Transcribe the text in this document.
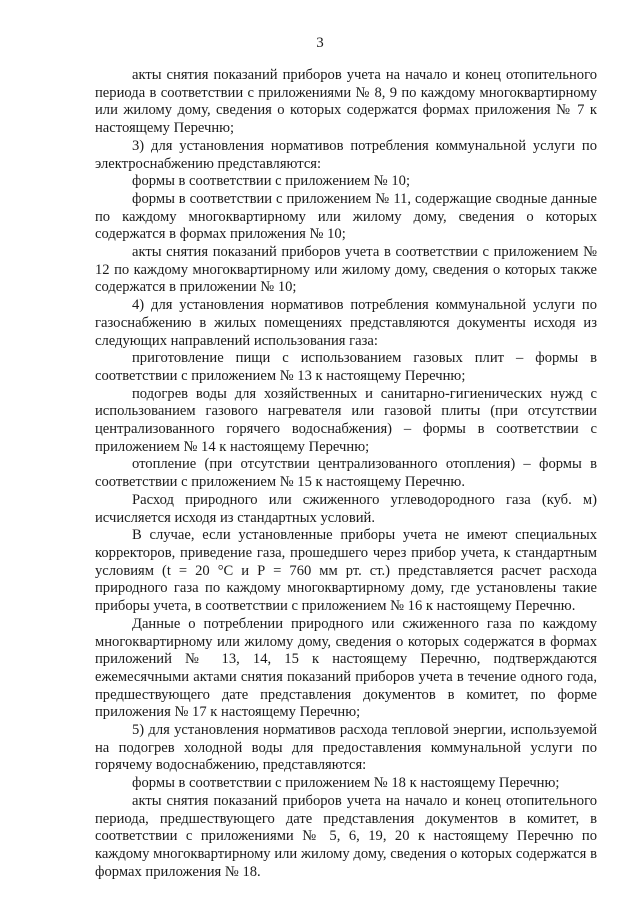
3

акты снятия показаний приборов учета на начало и конец отопительного периода в соответствии с приложениями № 8, 9 по каждому многоквартирному или жилому дому, сведения о которых содержатся формах приложения № 7 к настоящему Перечню;

3) для установления нормативов потребления коммунальной услуги по электроснабжению представляются:

формы в соответствии с приложением № 10;

формы в соответствии с приложением № 11, содержащие сводные данные по каждому многоквартирному или жилому дому, сведения о которых содержатся в формах приложения № 10;

акты снятия показаний приборов учета в соответствии с приложением № 12 по каждому многоквартирному или жилому дому, сведения о которых также содержатся в приложении № 10;

4) для установления нормативов потребления коммунальной услуги по газоснабжению в жилых помещениях представляются документы исходя из следующих направлений использования газа:

приготовление пищи с использованием газовых плит – формы в соответствии с приложением № 13 к настоящему Перечню;

подогрев воды для хозяйственных и санитарно-гигиенических нужд с использованием газового нагревателя или газовой плиты (при отсутствии централизованного горячего водоснабжения) – формы в соответствии с приложением № 14 к настоящему Перечню;

отопление (при отсутствии централизованного отопления) – формы в соответствии с приложением № 15 к настоящему Перечню.

Расход природного или сжиженного углеводородного газа (куб. м) исчисляется исходя из стандартных условий.

В случае, если установленные приборы учета не имеют специальных корректоров, приведение газа, прошедшего через прибор учета, к стандартным условиям (t = 20 °С и Р = 760 мм рт. ст.) представляется расчет расхода природного газа по каждому многоквартирному дому, где установлены такие приборы учета, в соответствии с приложением № 16 к настоящему Перечню.

Данные о потреблении природного или сжиженного газа по каждому многоквартирному или жилому дому, сведения о которых содержатся в формах приложений № 13, 14, 15 к настоящему Перечню, подтверждаются ежемесячными актами снятия показаний приборов учета в течение одного года, предшествующего дате представления документов в комитет, по форме приложения № 17 к настоящему Перечню;

5) для установления нормативов расхода тепловой энергии, используемой на подогрев холодной воды для предоставления коммунальной услуги по горячему водоснабжению, представляются:

формы в соответствии с приложением № 18 к настоящему Перечню;

акты снятия показаний приборов учета на начало и конец отопительного периода, предшествующего дате представления документов в комитет, в соответствии с приложениями № 5, 6, 19, 20 к настоящему Перечню по каждому многоквартирному или жилому дому, сведения о которых содержатся в формах приложения № 18.
